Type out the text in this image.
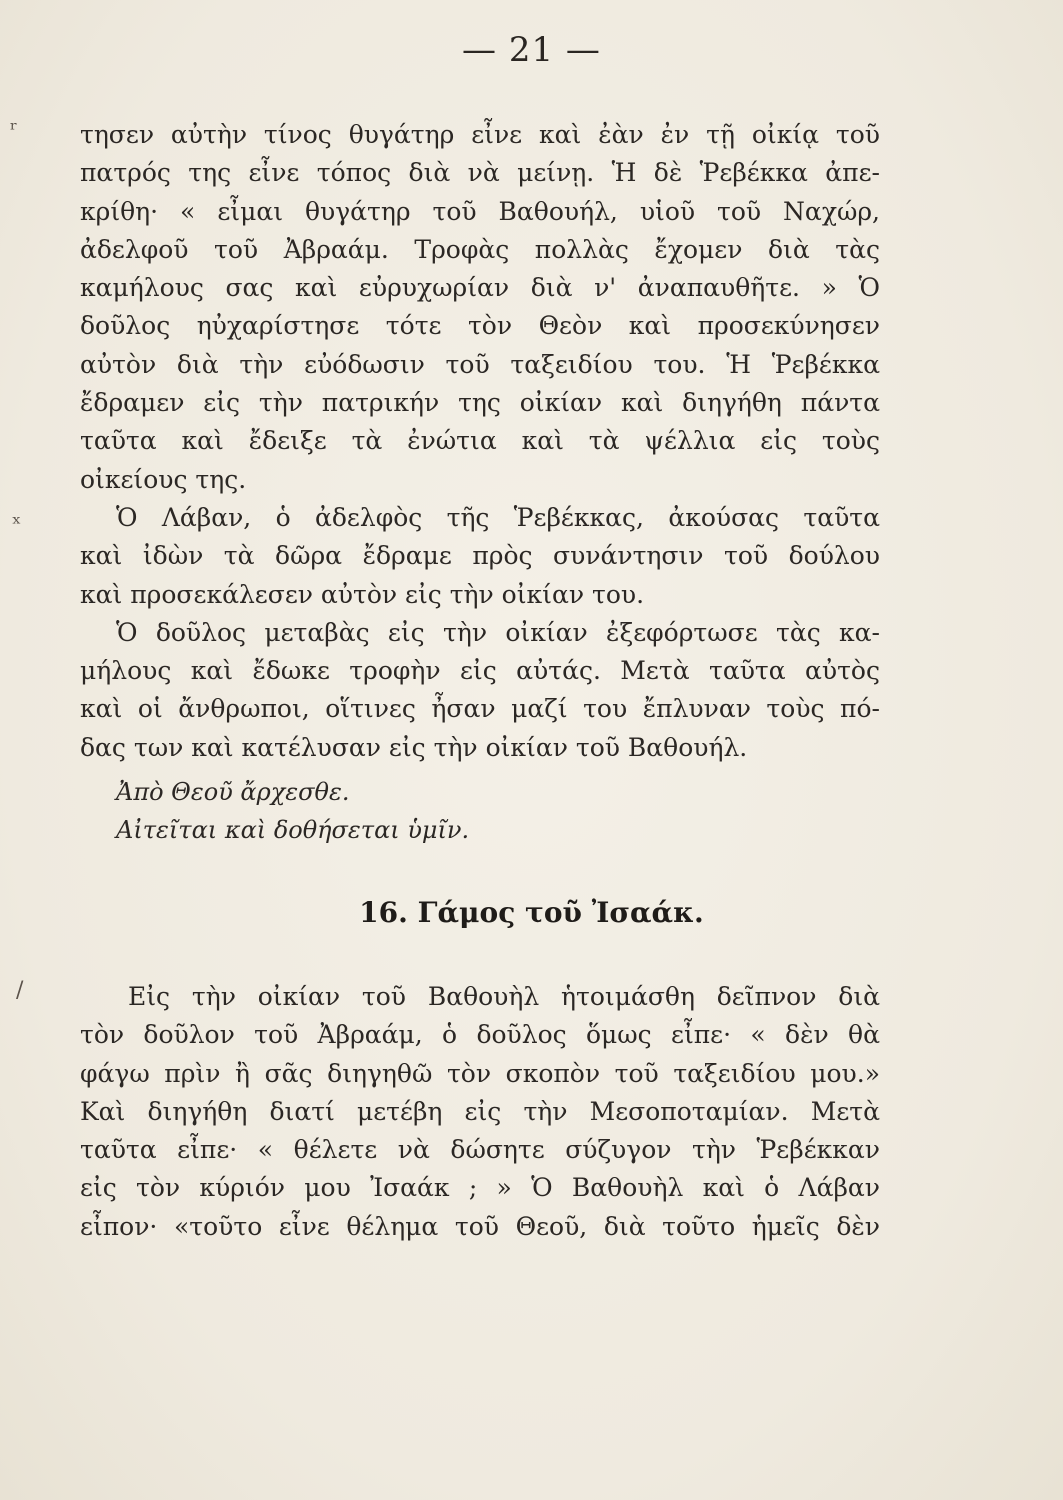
— 21 —
ʳ
ˣ
/
τησεν αὐτὴν τίνος θυγάτηρ εἶνε καὶ ἐὰν ἐν τῇ οἰκίᾳ τοῦ
πατρός της εἶνε τόπος διὰ νὰ μείνῃ. Ἡ δὲ Ῥεβέκκα ἀπε-
κρίθη· « εἶμαι θυγάτηρ τοῦ Βαθουήλ, υἱοῦ τοῦ Ναχώρ,
ἀδελφοῦ τοῦ Ἀβραάμ. Τροφὰς πολλὰς ἔχομεν διὰ τὰς
καμήλους σας καὶ εὐρυχωρίαν διὰ ν' ἀναπαυθῆτε. » Ὁ
δοῦλος ηὐχαρίστησε τότε τὸν Θεὸν καὶ προσεκύνησεν
αὐτὸν διὰ τὴν εὐόδωσιν τοῦ ταξειδίου του. Ἡ Ῥεβέκκα
ἔδραμεν εἰς τὴν πατρικήν της οἰκίαν καὶ διηγήθη πάντα
ταῦτα καὶ ἔδειξε τὰ ἐνώτια καὶ τὰ ψέλλια εἰς τοὺς
οἰκείους της.
Ὁ Λάβαν, ὁ ἀδελφὸς τῆς Ῥεβέκκας, ἀκούσας ταῦτα
καὶ ἰδὼν τὰ δῶρα ἔδραμε πρὸς συνάντησιν τοῦ δούλου
καὶ προσεκάλεσεν αὐτὸν εἰς τὴν οἰκίαν του.
Ὁ δοῦλος μεταβὰς εἰς τὴν οἰκίαν ἐξεφόρτωσε τὰς κα-
μήλους καὶ ἔδωκε τροφὴν εἰς αὐτάς. Μετὰ ταῦτα αὐτὸς
καὶ οἱ ἄνθρωποι, οἵτινες ἦσαν μαζί του ἔπλυναν τοὺς πό-
δας των καὶ κατέλυσαν εἰς τὴν οἰκίαν τοῦ Βαθουήλ.
Ἀπὸ Θεοῦ ἄρχεσθε.
Αἰτεῖται καὶ δοθήσεται ὑμῖν.
16. Γάμος τοῦ Ἰσαάκ.
Εἰς τὴν οἰκίαν τοῦ Βαθουὴλ ἡτοιμάσθη δεῖπνον διὰ
τὸν δοῦλον τοῦ Ἀβραάμ, ὁ δοῦλος ὅμως εἶπε· « δὲν θὰ
φάγω πρὶν ἢ σᾶς διηγηθῶ τὸν σκοπὸν τοῦ ταξειδίου μου.»
Καὶ διηγήθη διατί μετέβη εἰς τὴν Μεσοποταμίαν. Μετὰ
ταῦτα εἶπε· « θέλετε νὰ δώσητε σύζυγον τὴν Ῥεβέκκαν
εἰς τὸν κύριόν μου Ἰσαάκ ; » Ὁ Βαθουὴλ καὶ ὁ Λάβαν
εἶπον· «τοῦτο εἶνε θέλημα τοῦ Θεοῦ, διὰ τοῦτο ἡμεῖς δὲν
